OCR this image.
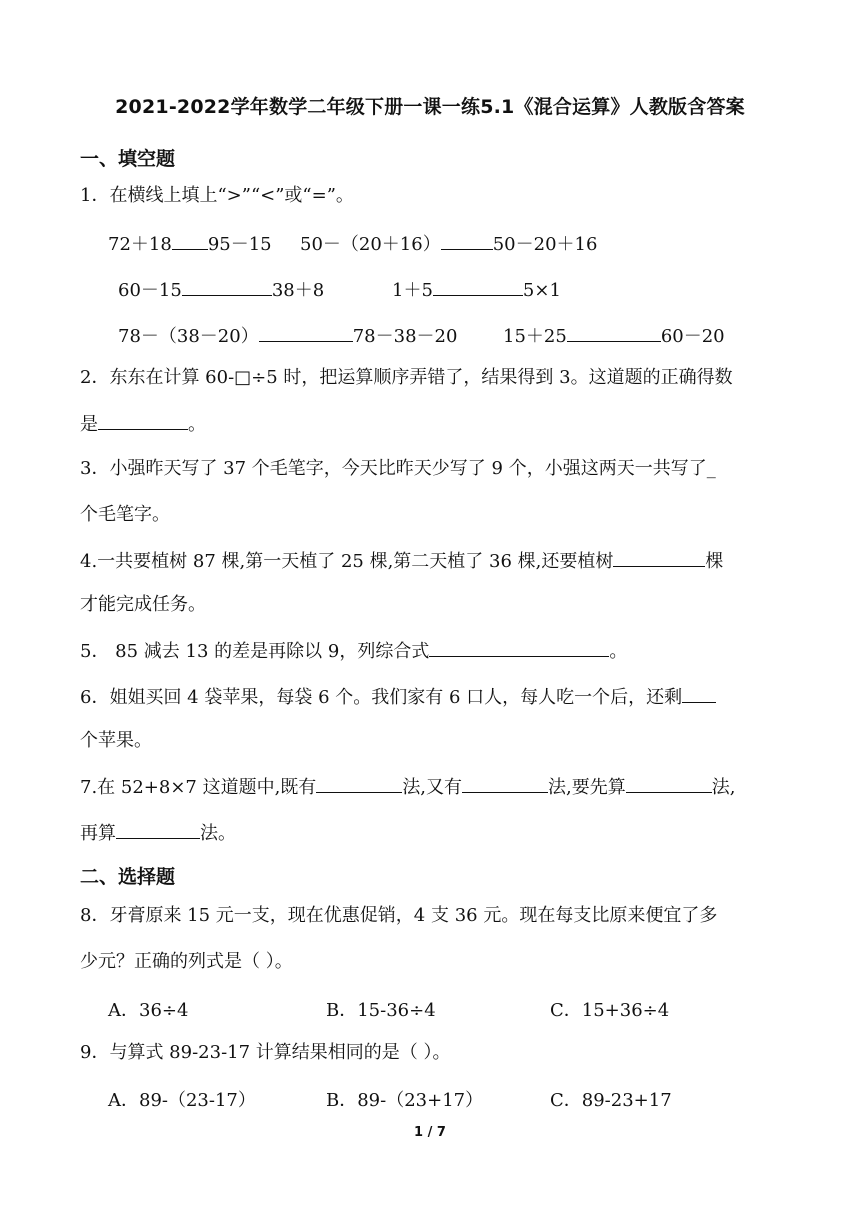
2021-2022学年数学二年级下册一课一练5.1《混合运算》人教版含答案
一、填空题
1．在横线上填上“>”“<”或“=”。
72＋18 95－15 50－（20＋16）	50－20＋16
60－15	38＋8	1＋5	5×1
78－（38－20）	78－38－20	15＋25	60－20
2．东东在计算 60-□÷5 时，把运算顺序弄错了，结果得到 3。这道题的正确得数
是	。
3．小强昨天写了 37 个毛笔字，今天比昨天少写了 9 个，小强这两天一共写了_
个毛笔字。
4.一共要植树 87 棵,第一天植了 25 棵,第二天植了 36 棵,还要植树	棵
才能完成任务。
5． 85 减去 13 的差是再除以 9，列综合式	。
6．姐姐买回 4 袋苹果，每袋 6 个。我们家有 6 口人，每人吃一个后，还剩
个苹果。
7.在 52+8×7 这道题中,既有	法,又有	法,要先算	法,
再算	法。
二、选择题
8．牙膏原来 15 元一支，现在优惠促销，4 支 36 元。现在每支比原来便宜了多
少元？正确的列式是（ ）。
A．36÷4	B．15-36÷4	C．15+36÷4
9．与算式 89-23-17 计算结果相同的是（ ）。
A．89-（23-17）	B．89-（23+17）	C．89-23+17
1 / 7
